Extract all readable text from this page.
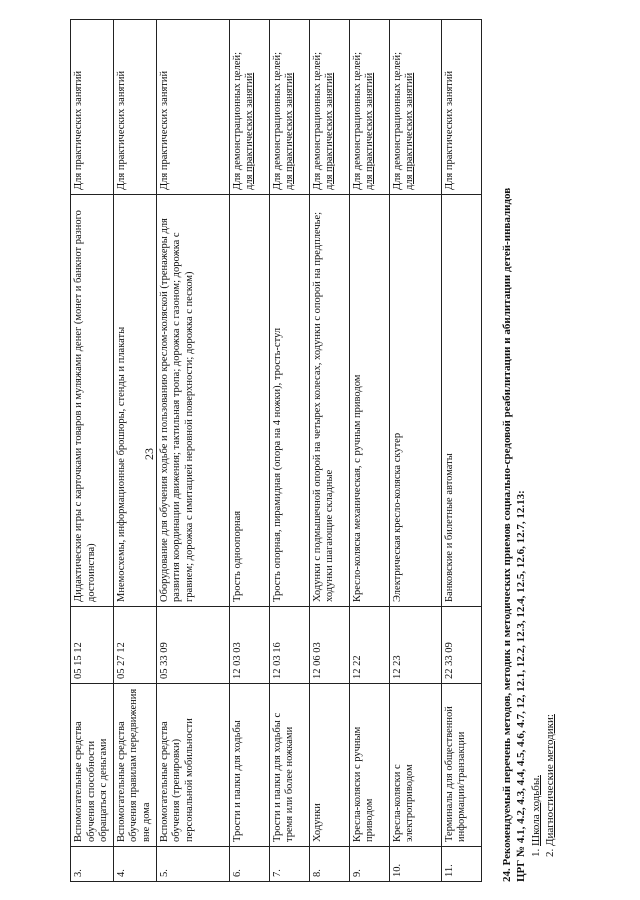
23
3.	Вспомогательные средства обучения способности обращаться с деньгами	05 15 12	Дидактические игры с карточками товаров и муляжами денег (монет и банкнот разного достоинства)	Для практических занятий

4.	Вспомогательные средства обучения правилам передвижения вне дома	05 27 12	Мнемосхемы, информационные брошюры, стенды и плакаты	Для практических занятий

5.	Вспомогательные средства обучения (тренировки) персональной мобильности	05 33 09	Оборудование для обучения ходьбе и пользованию креслом-коляской (тренажеры для развития координации движения; тактильная тропа; дорожка с газоном; дорожка с гравием; дорожка с имитацией неровной поверхности; дорожка с песком)	Для практических занятий

6.	Трости и палки для ходьбы	12 03 03	Трость одноопорная	Для демонстрационных целей; для практических занятий

7.	Трости и палки для ходьбы с тремя или более ножками	12 03 16	Трость опорная, пирамидная (опора на 4 ножки), трость-стул	Для демонстрационных целей; для практических занятий

8.	Ходунки	12 06 03	Ходунки с подмышечной опорой на четырех колесах, ходунки с опорой на предплечье; ходунки шагающие складные	Для демонстрационных целей; для практических занятий

9.	Кресла-коляски с ручным приводом	12 22	Кресло-коляска механическая, с ручным приводом	Для демонстрационных целей; для практических занятий

10.	Кресла-коляски с электроприводом	12 23	Электрическая кресло-коляска скутер	Для демонстрационных целей; для практических занятий

11.	Терминалы для общественной информации/транзакции	22 33 09	Банковские и билетные автоматы	Для практических занятий
24. Рекомендуемый перечень методов, методик и методических приемов социально-средовой реабилитации и абилитации детей-инвалидов ЦРГ № 4.1, 4.2, 4.3, 4.4, 4.5, 4.6, 4.7, 12, 12.1, 12.2, 12.3, 12.4, 12.5, 12.6, 12.7, 12.13: 1. Школа ходьбы. 2. Диагностические методики:
